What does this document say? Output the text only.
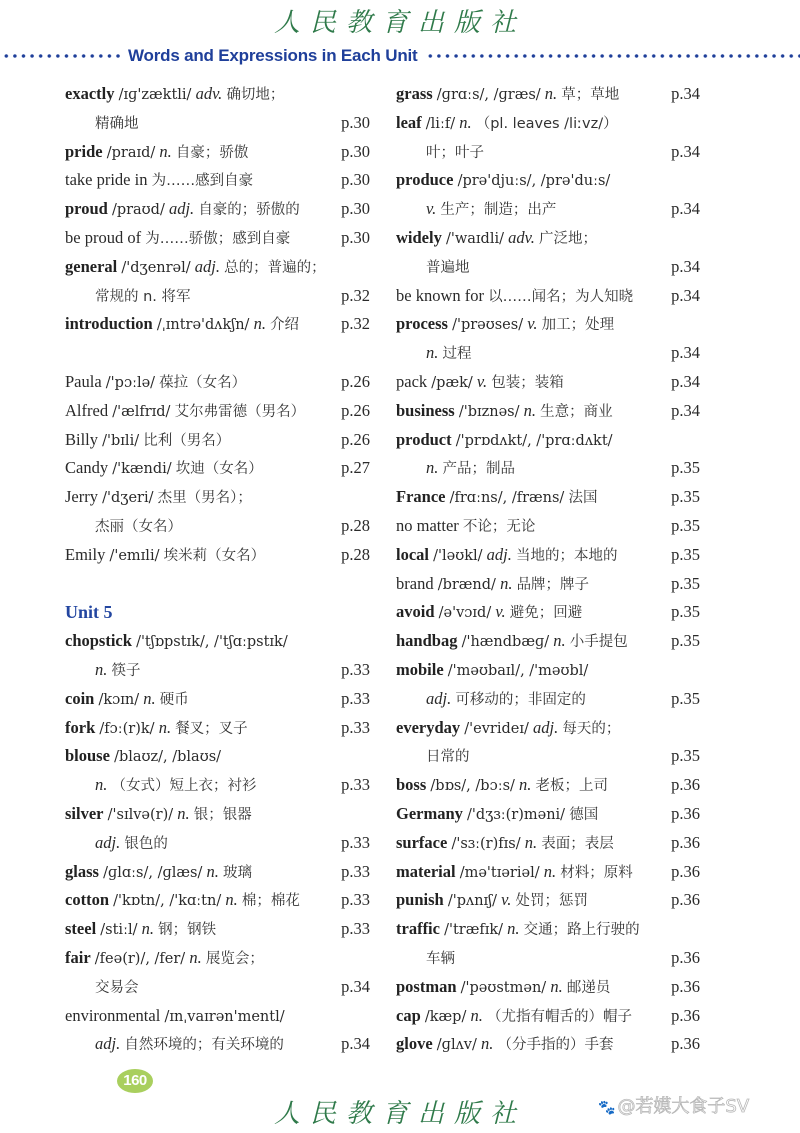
人民教育出版社
Words and Expressions in Each Unit
exactly /ɪɡ'zæktli/ adv. 确切地；
精确地	p.30
pride /praɪd/ n. 自豪；骄傲	p.30
take pride in 为……感到自豪	p.30
proud /praʊd/ adj. 自豪的；骄傲的	p.30
be proud of 为……骄傲；感到自豪	p.30
general /'dʒenrəl/ adj. 总的；普遍的；
常规的 n. 将军	p.32
introduction /ˌɪntrə'dʌkʃn/ n. 介绍	p.32
Paula /'pɔːlə/ 葆拉（女名）	p.26
Alfred /'ælfrɪd/ 艾尔弗雷德（男名） p.26
Billy /'bɪli/ 比利（男名）	p.26
Candy /'kændi/ 坎迪（女名）	p.27
Jerry /'dʒeri/ 杰里（男名）；
杰丽（女名）	p.28
Emily /'emɪli/ 埃米莉（女名）	p.28
Unit 5
chopstick /'tʃɒpstɪk/, /'tʃɑːpstɪk/
n. 筷子	p.33
coin /kɔɪn/ n. 硬币	p.33
fork /fɔː(r)k/ n. 餐叉；叉子	p.33
blouse /blaʊz/, /blaʊs/
n. （女式）短上衣；衬衫	p.33
silver /'sɪlvə(r)/ n. 银；银器
adj. 银色的	p.33
glass /ɡlɑːs/, /ɡlæs/ n. 玻璃	p.33
cotton /'kɒtn/, /'kɑːtn/ n. 棉；棉花	p.33
steel /stiːl/ n. 钢；钢铁	p.33
fair /feə(r)/, /fer/ n. 展览会；
交易会	p.34
environmental /ɪnˌvaɪrən'mentl/
adj. 自然环境的；有关环境的	p.34
grass /ɡrɑːs/, /ɡræs/ n. 草；草地	p.34
leaf /liːf/ n. （pl. leaves /liːvz/）
叶；叶子	p.34
produce /prə'djuːs/, /prə'duːs/
v. 生产；制造；出产	p.34
widely /'waɪdli/ adv. 广泛地；
普遍地	p.34
be known for 以……闻名；为人知晓 p.34
process /'prəʊses/ v. 加工；处理
n. 过程	p.34
pack /pæk/ v. 包装；装箱	p.34
business /'bɪznəs/ n. 生意；商业	p.34
product /'prɒdʌkt/, /'prɑːdʌkt/
n. 产品；制品	p.35
France /frɑːns/, /fræns/ 法国	p.35
no matter 不论；无论	p.35
local /'ləʊkl/ adj. 当地的；本地的	p.35
brand /brænd/ n. 品牌；牌子	p.35
avoid /ə'vɔɪd/ v. 避免；回避	p.35
handbag /'hændbæɡ/ n. 小手提包	p.35
mobile /'məʊbaɪl/, /'məʊbl/
adj. 可移动的；非固定的	p.35
everyday /'evrideɪ/ adj. 每天的；
日常的	p.35
boss /bɒs/, /bɔːs/ n. 老板；上司	p.36
Germany /'dʒɜː(r)məni/ 德国	p.36
surface /'sɜː(r)fɪs/ n. 表面；表层	p.36
material /mə'tɪəriəl/ n. 材料；原料 p.36
punish /'pʌnɪʃ/ v. 处罚；惩罚	p.36
traffic /'træfɪk/ n. 交通；路上行驶的
车辆	p.36
postman /'pəʊstmən/ n. 邮递员	p.36
cap /kæp/ n. （尤指有帽舌的）帽子 p.36
glove /ɡlʌv/ n. （分手指的）手套	p.36
160
人民教育出版社	🐾 @若嫫大食子SV
